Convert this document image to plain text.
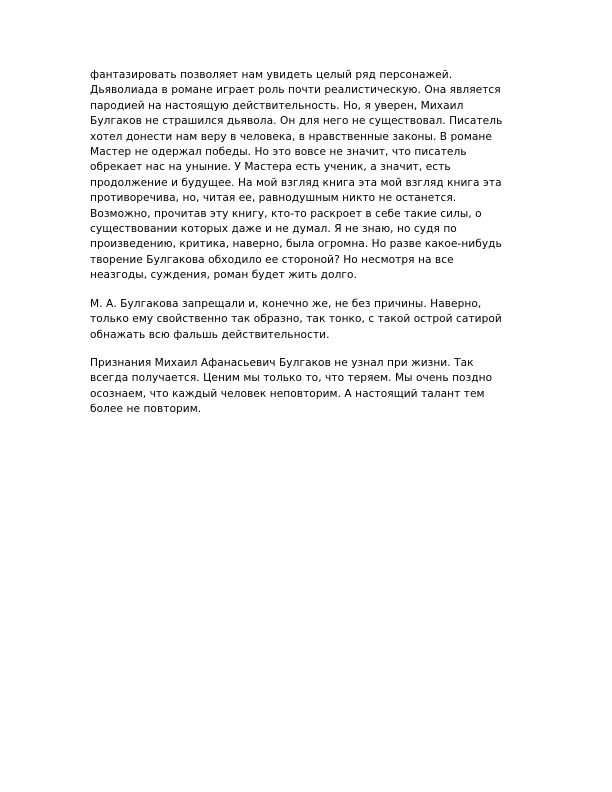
фантазировать позволяет нам увидеть целый ряд персонажей.
Дьяволиада в романе играет роль почти реалистическую. Она является
пародией на настоящую действительность. Но, я уверен, Михаил
Булгаков не страшился дьявола. Он для него не существовал. Писатель
хотел донести нам веру в человека, в нравственные законы. В романе
Мастер не одержал победы. Но это вовсе не значит, что писатель
обрекает нас на уныние. У Мастера есть ученик, а значит, есть
продолжение и будущее. На мой взгляд книга эта мой взгляд книга эта
противоречива, но, читая ее, равнодушным никто не останется.
Возможно, прочитав эту книгу, кто-то раскроет в себе такие силы, о
существовании которых даже и не думал. Я не знаю, но судя по
произведению, критика, наверно, была огромна. Но разве какое-нибудь
творение Булгакова обходило ее стороной? Но несмотря на все
неазгоды, суждения, роман будет жить долго.

М. А. Булгакова запрещали и, конечно же, не без причины. Наверно,
только ему свойственно так образно, так тонко, с такой острой сатирой
обнажать всю фальшь действительности.

Признания Михаил Афанасьевич Булгаков не узнал при жизни. Так
всегда получается. Ценим мы только то, что теряем. Мы очень поздно
осознаем, что каждый человек неповторим. А настоящий талант тем
более не повторим.
